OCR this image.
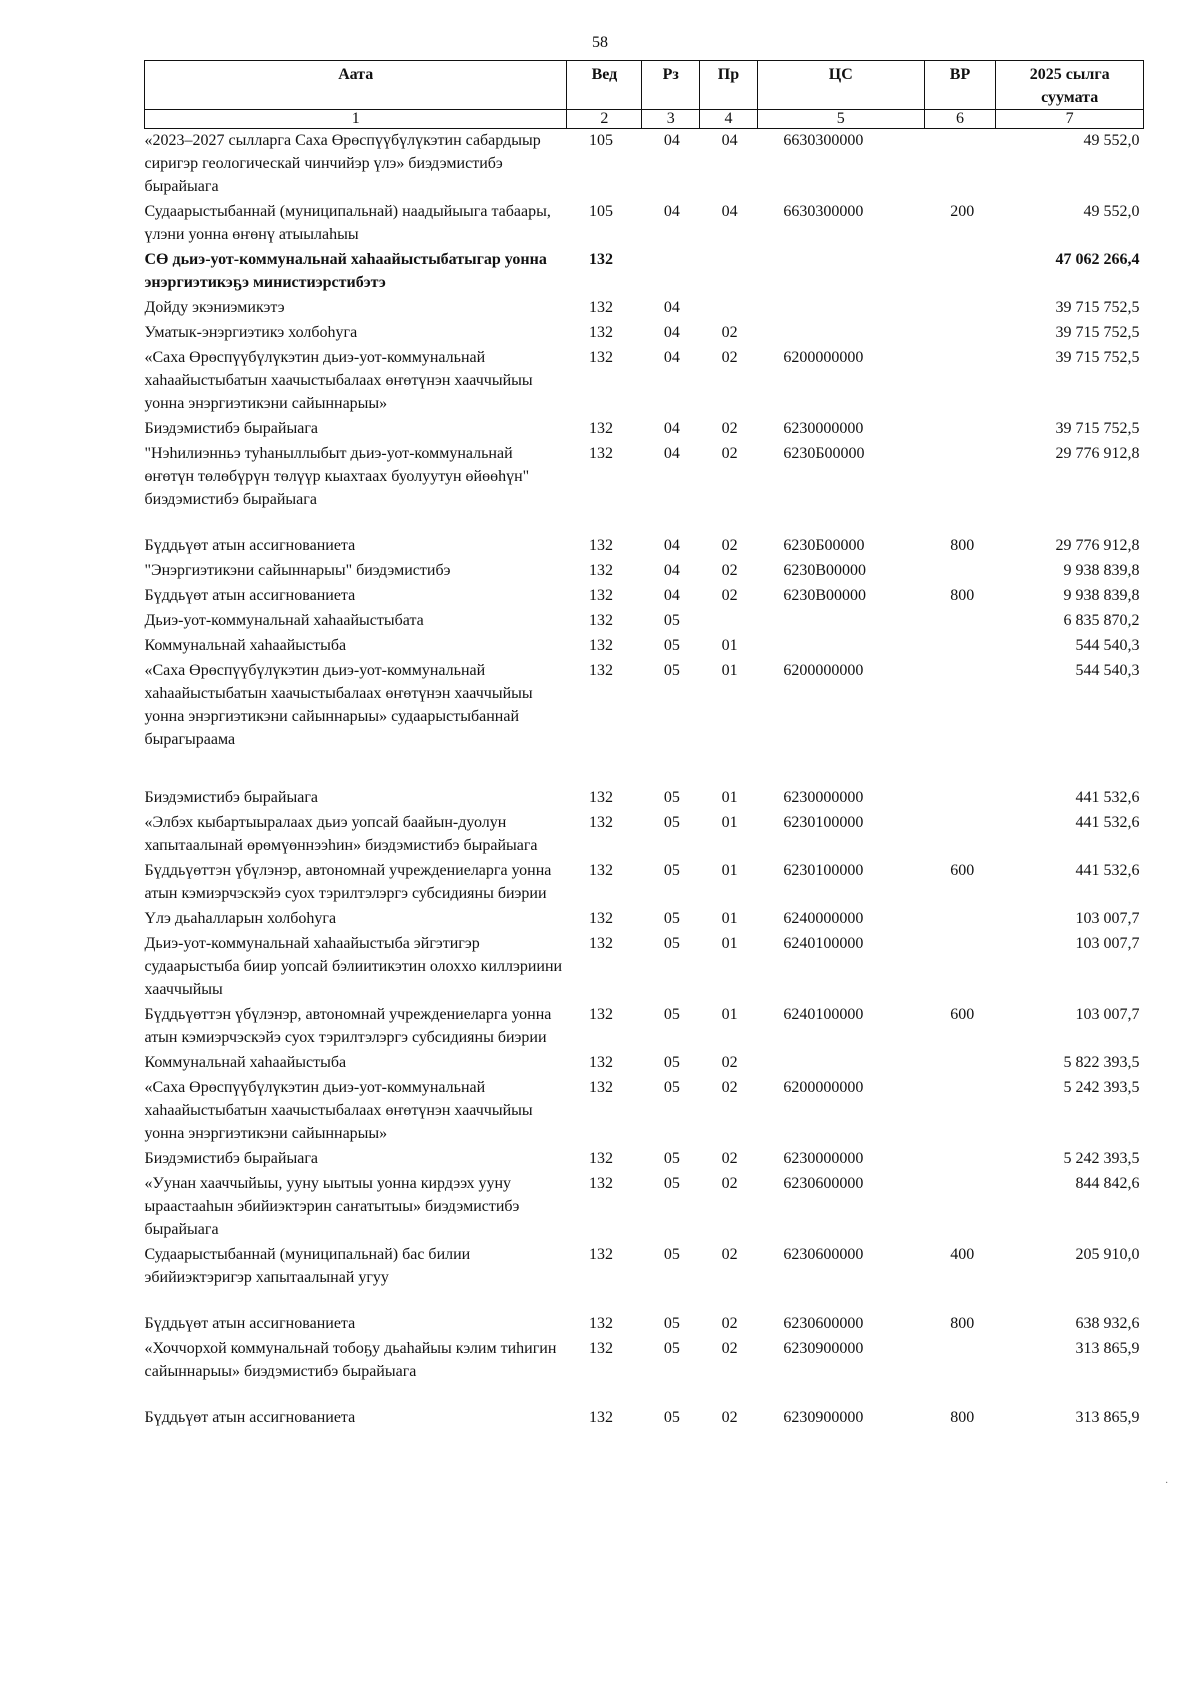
58
Аата	Вед	Рз	Пр	ЦС	ВР	2025 сылга суумата
1	2	3	4	5	6	7
«2023–2027 сылларга Саха Өрөспүүбүлүкэтин сабардыыр сиригэр геологическай чинчийэр үлэ» биэдэмистибэ бырайыага	105	04	04	6630300000		49 552,0
Судаарыстыбаннай (муниципальнай) наадыйыыга табаары, үлэни уонна өҥөнү атыылаһыы	105	04	04	6630300000	200	49 552,0
СӨ дьиэ-уот-коммунальнай хаһаайыстыбатыгар уонна энэргиэтикэҕэ министиэрстибэтэ	132					47 062 266,4
Дойду экэниэмикэтэ	132	04				39 715 752,5
Уматык-энэргиэтикэ холбоһуга	132	04	02			39 715 752,5
«Саха Өрөспүүбүлүкэтин дьиэ-уот-коммунальнай хаһаайыстыбатын хаачыстыбалаах өҥөтүнэн хааччыйыы уонна энэргиэтикэни сайыннарыы»	132	04	02	6200000000		39 715 752,5
Биэдэмистибэ бырайыага	132	04	02	6230000000		39 715 752,5
"Нэһилиэнньэ туһаныллыбыт дьиэ-уот-коммунальнай өҥөтүн төлөбүрүн төлүүр кыахтаах буолуутун өйөөһүн" биэдэмистибэ бырайыага	132	04	02	6230Б00000		29 776 912,8
Бүддьүөт атын ассигнованиета	132	04	02	6230Б00000	800	29 776 912,8
"Энэргиэтикэни сайыннарыы" биэдэмистибэ	132	04	02	6230В00000		9 938 839,8
Бүддьүөт атын ассигнованиета	132	04	02	6230В00000	800	9 938 839,8
Дьиэ-уот-коммунальнай хаһаайыстыбата	132	05				6 835 870,2
Коммунальнай хаһаайыстыба	132	05	01			544 540,3
«Саха Өрөспүүбүлүкэтин дьиэ-уот-коммунальнай хаһаайыстыбатын хаачыстыбалаах өҥөтүнэн хааччыйыы уонна энэргиэтикэни сайыннарыы» судаарыстыбаннай бырагыраама	132	05	01	6200000000		544 540,3
Биэдэмистибэ бырайыага	132	05	01	6230000000		441 532,6
«Элбэх кыбартыыралаах дьиэ уопсай баайын-дуолун хапытаалынай өрөмүөннээһин» биэдэмистибэ бырайыага	132	05	01	6230100000		441 532,6
Бүддьүөттэн үбүлэнэр, автономнай учреждениеларга уонна атын кэмиэрчэскэйэ суох тэрилтэлэргэ субсидияны биэрии	132	05	01	6230100000	600	441 532,6
Үлэ дьаһалларын холбоһуга	132	05	01	6240000000		103 007,7
Дьиэ-уот-коммунальнай хаһаайыстыба эйгэтигэр судаарыстыба биир уопсай бэлиитикэтин олоххо киллэриини хааччыйыы	132	05	01	6240100000		103 007,7
Бүддьүөттэн үбүлэнэр, автономнай учреждениеларга уонна атын кэмиэрчэскэйэ суох тэрилтэлэргэ субсидияны биэрии	132	05	01	6240100000	600	103 007,7
Коммунальнай хаһаайыстыба	132	05	02			5 822 393,5
«Саха Өрөспүүбүлүкэтин дьиэ-уот-коммунальнай хаһаайыстыбатын хаачыстыбалаах өҥөтүнэн хааччыйыы уонна энэргиэтикэни сайыннарыы»	132	05	02	6200000000		5 242 393,5
Биэдэмистибэ бырайыага	132	05	02	6230000000		5 242 393,5
«Уунан хааччыйыы, ууну ыытыы уонна кирдээх ууну ыраастааһын эбийиэктэрин саҥатытыы» биэдэмистибэ бырайыага	132	05	02	6230600000		844 842,6
Судаарыстыбаннай (муниципальнай) бас билии эбийиэктэригэр хапытаалынай угуу	132	05	02	6230600000	400	205 910,0
Бүддьүөт атын ассигнованиета	132	05	02	6230600000	800	638 932,6
«Хоччорхой коммунальнай тобоҕу дьаһайыы кэлим тиһигин сайыннарыы» биэдэмистибэ бырайыага	132	05	02	6230900000		313 865,9
Бүддьүөт атын ассигнованиета	132	05	02	6230900000	800	313 865,9
·
